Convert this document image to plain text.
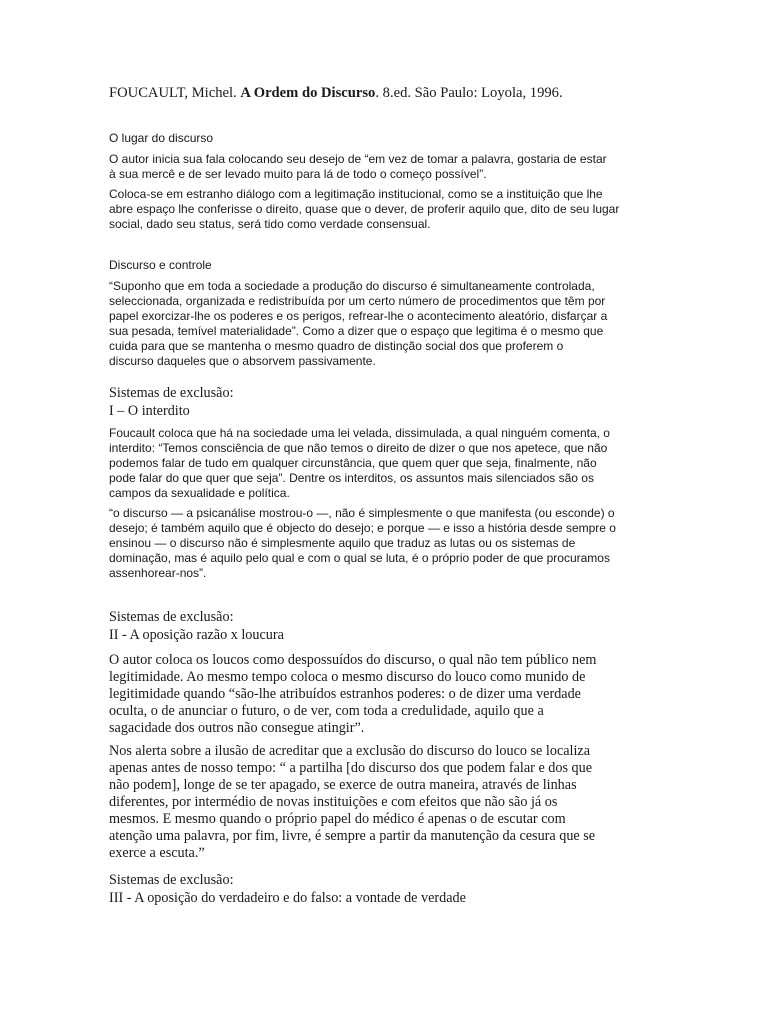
FOUCAULT, Michel. A Ordem do Discurso. 8.ed. São Paulo: Loyola, 1996.

O lugar do discurso

O autor inicia sua fala colocando seu desejo de “em vez de tomar a palavra, gostaria de estar
à sua mercê e de ser levado muito para lá de todo o começo possível”.

Coloca-se em estranho diálogo com a legitimação institucional, como se a instituição que lhe
abre espaço lhe conferisse o direito, quase que o dever, de proferir aquilo que, dito de seu lugar
social, dado seu status, será tido como verdade consensual.

Discurso e controle

“Suponho que em toda a sociedade a produção do discurso é simultaneamente controlada,
seleccionada, organizada e redistribuída por um certo número de procedimentos que têm por
papel exorcizar-lhe os poderes e os perigos, refrear-lhe o acontecimento aleatório, disfarçar a
sua pesada, temível materialidade”. Como a dizer que o espaço que legitima é o mesmo que
cuida para que se mantenha o mesmo quadro de distinção social dos que proferem o
discurso daqueles que o absorvem passivamente.

Sistemas de exclusão:

I – O interdito

Foucault coloca que há na sociedade uma lei velada, dissimulada, a qual ninguém comenta, o
interdito: “Temos consciência de que não temos o direito de dizer o que nos apetece, que não
podemos falar de tudo em qualquer circunstância, que quem quer que seja, finalmente, não
pode falar do que quer que seja”. Dentre os interditos, os assuntos mais silenciados são os
campos da sexualidade e política.

“o discurso — a psicanálise mostrou-o —, não é simplesmente o que manifesta (ou esconde) o
desejo; é também aquilo que é objecto do desejo; e porque — e isso a história desde sempre o
ensinou — o discurso não é simplesmente aquilo que traduz as lutas ou os sistemas de
dominação, mas é aquilo pelo qual e com o qual se luta, é o próprio poder de que procuramos
assenhorear-nos”.

Sistemas de exclusão:

II - A oposição razão x loucura

O autor coloca os loucos como despossuídos do discurso, o qual não tem público nem
legitimidade. Ao mesmo tempo coloca o mesmo discurso do louco como munido de
legitimidade quando “são-lhe atribuídos estranhos poderes: o de dizer uma verdade
oculta, o de anunciar o futuro, o de ver, com toda a credulidade, aquilo que a
sagacidade dos outros não consegue atingir”.

Nos alerta sobre a ilusão de acreditar que a exclusão do discurso do louco se localiza
apenas antes de nosso tempo: “ a partilha [do discurso dos que podem falar e dos que
não podem], longe de se ter apagado, se exerce de outra maneira, através de linhas
diferentes, por intermédio de novas instituições e com efeitos que não são já os
mesmos. E mesmo quando o próprio papel do médico é apenas o de escutar com
atenção uma palavra, por fim, livre, é sempre a partir da manutenção da cesura que se
exerce a escuta.”

Sistemas de exclusão:

III - A oposição do verdadeiro e do falso: a vontade de verdade
